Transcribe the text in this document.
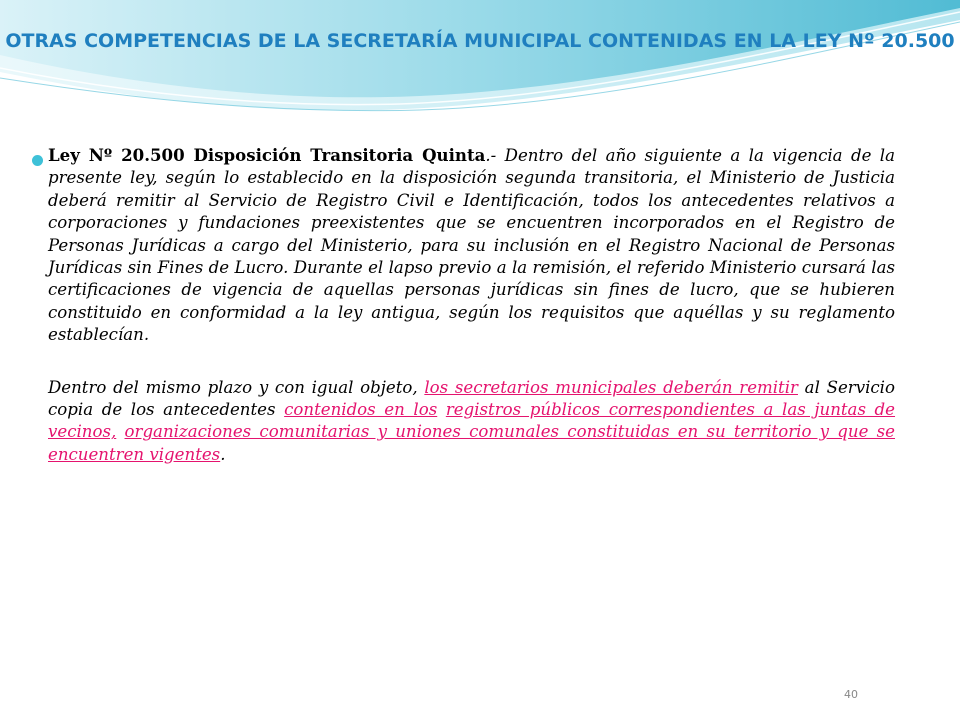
OTRAS COMPETENCIAS DE LA SECRETARÍA MUNICIPAL CONTENIDAS EN LA LEY Nº 20.500

Ley Nº 20.500 Disposición Transitoria Quinta.- Dentro del año siguiente a la vigencia de la presente ley, según lo establecido en la disposición segunda transitoria, el Ministerio de Justicia deberá remitir al Servicio de Registro Civil e Identificación, todos los antecedentes relativos a corporaciones y fundaciones preexistentes que se encuentren incorporados en el Registro de Personas Jurídicas a cargo del Ministerio, para su inclusión en el Registro Nacional de Personas Jurídicas sin Fines de Lucro. Durante el lapso previo a la remisión, el referido Ministerio cursará las certificaciones de vigencia de aquellas personas jurídicas sin fines de lucro, que se hubieren constituido en conformidad a la ley antigua, según los requisitos que aquéllas y su reglamento establecían.

Dentro del mismo plazo y con igual objeto, los secretarios municipales deberán remitir al Servicio copia de los antecedentes contenidos en los registros públicos correspondientes a las juntas de vecinos, organizaciones comunitarias y uniones comunales constituidas en su territorio y que se encuentren vigentes.

40
